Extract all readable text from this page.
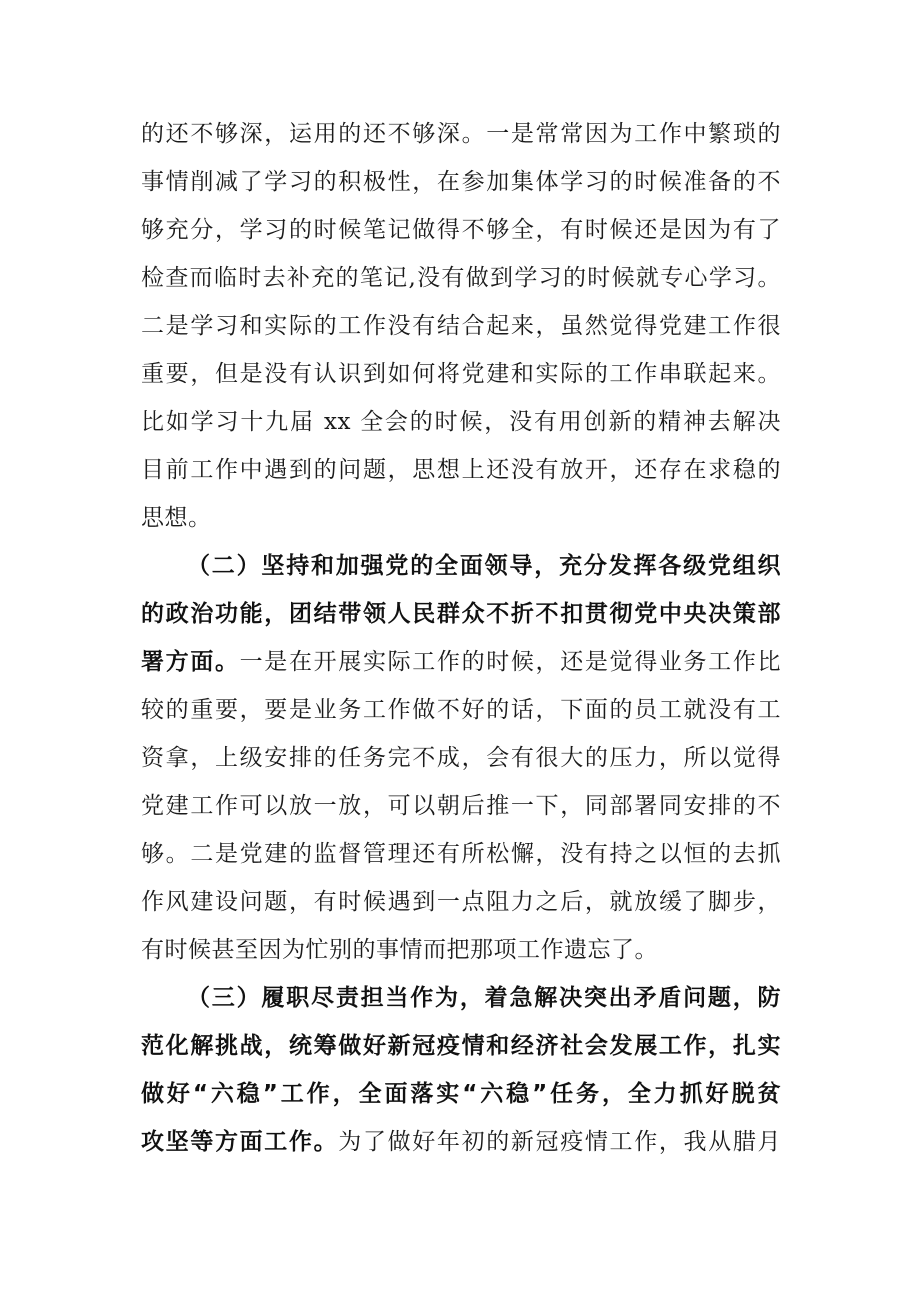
的还不够深，运用的还不够深。一是常常因为工作中繁琐的
事情削减了学习的积极性，在参加集体学习的时候准备的不
够充分，学习的时候笔记做得不够全，有时候还是因为有了
检查而临时去补充的笔记,没有做到学习的时候就专心学习。
二是学习和实际的工作没有结合起来，虽然觉得党建工作很
重要，但是没有认识到如何将党建和实际的工作串联起来。
比如学习十九届 xx 全会的时候，没有用创新的精神去解决
目前工作中遇到的问题，思想上还没有放开，还存在求稳的
思想。
（二）坚持和加强党的全面领导，充分发挥各级党组织
的政治功能，团结带领人民群众不折不扣贯彻党中央决策部
署方面。一是在开展实际工作的时候，还是觉得业务工作比
较的重要，要是业务工作做不好的话，下面的员工就没有工
资拿，上级安排的任务完不成，会有很大的压力，所以觉得
党建工作可以放一放，可以朝后推一下，同部署同安排的不
够。二是党建的监督管理还有所松懈，没有持之以恒的去抓
作风建设问题，有时候遇到一点阻力之后，就放缓了脚步，
有时候甚至因为忙别的事情而把那项工作遗忘了。
（三）履职尽责担当作为，着急解决突出矛盾问题，防
范化解挑战，统筹做好新冠疫情和经济社会发展工作，扎实
做好“六稳”工作，全面落实“六稳”任务，全力抓好脱贫
攻坚等方面工作。为了做好年初的新冠疫情工作，我从腊月
